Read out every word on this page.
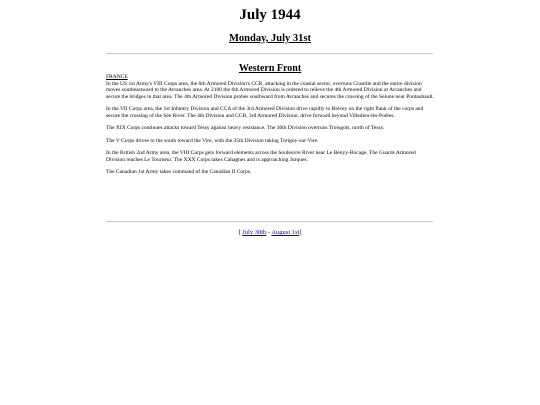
July 1944
Monday, July 31st
Western Front
FRANCE

In the US 1st Army's VIII Corps area, the 6th Armored Division's CCR, attacking in the coastal sector, overruns Granille and the entire division moves southeastward to the Avranches area. At 2100 the 6th Armored Division is ordered to relieve the 4th Armored Division at Avranches and secure the bridges in that area. The 4th Armored Division probes southward from Avranches and secures the crossing of the Selune near Pontaubault.

In the VII Corps area, the 1st Infantry Division and CCA of the 3rd Armored Division drive rapidly to Brécey on the right flank of the corps and secure the crossing of the Sée River. The 4th Division and CCB, 3rd Armored Division, drive forward beyond Villedieu-lès-Poêles.

The XIX Corps continues attacks toward Tessy against heavy resistance. The 30th Division overruns Troisgots, north of Tessy.

The V Corps drives to the south toward the Vire, with the 35th Division taking Torigny-sur-Vire.

In the British 2nd Army area, the VIII Corps gets forward elements across the Souleuvre River near Le Bényy-Bocage. The Guards Armored Division reaches Le Tourneur. The XXX Corps takes Cahagnes and is approaching Jurques.

The Canadian 1st Army takes command of the Canadian II Corps.

[ July 30th - August 1st]
